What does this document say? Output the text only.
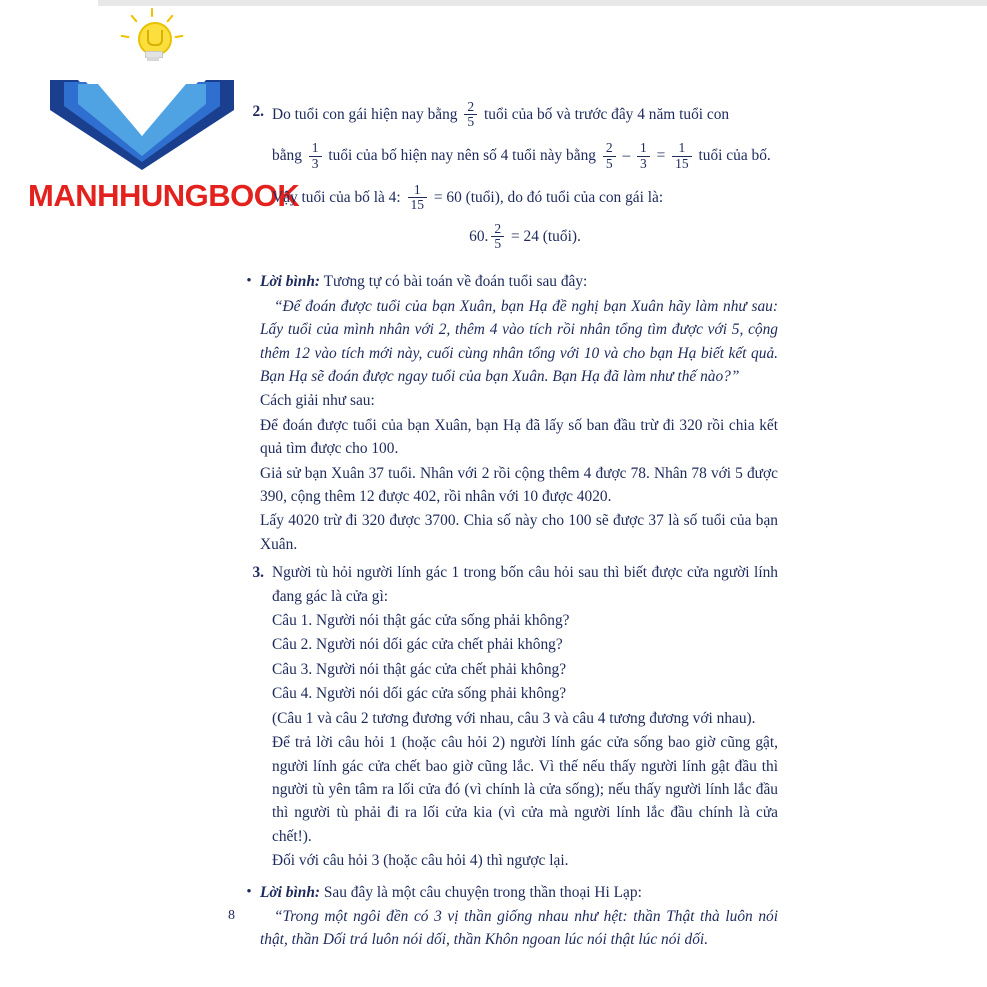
MANHHUNGBOOK
2. Do tuổi con gái hiện nay bằng $\frac{2}{5}$ tuổi của bố và trước đây 4 năm tuổi con

bằng $\frac{1}{3}$ tuổi của bố hiện nay nên số 4 tuổi này bằng $\frac{2}{5} - \frac{1}{3} = \frac{1}{15}$ tuổi của bố.

Vậy tuổi của bố là 4: $\frac{1}{15} = 60$ (tuổi), do đó tuổi của con gái là:

60. $\frac{2}{5} = 24$ (tuổi).

• Lời bình: Tương tự có bài toán về đoán tuổi sau đây:

“Để đoán được tuổi của bạn Xuân, bạn Hạ đề nghị bạn Xuân hãy làm như sau: Lấy tuổi của mình nhân với 2, thêm 4 vào tích rồi nhân tổng tìm được với 5, cộng thêm 12 vào tích mới này, cuối cùng nhân tổng với 10 và cho bạn Hạ biết kết quả. Bạn Hạ sẽ đoán được ngay tuổi của bạn Xuân. Bạn Hạ đã làm như thế nào?”

Cách giải như sau:

Để đoán được tuổi của bạn Xuân, bạn Hạ đã lấy số ban đầu trừ đi 320 rồi chia kết quả tìm được cho 100.

Giả sử bạn Xuân 37 tuổi. Nhân với 2 rồi cộng thêm 4 được 78. Nhân 78 với 5 được 390, cộng thêm 12 được 402, rồi nhân với 10 được 4020.

Lấy 4020 trừ đi 320 được 3700. Chia số này cho 100 sẽ được 37 là số tuổi của bạn Xuân.

3. Người tù hỏi người lính gác 1 trong bốn câu hỏi sau thì biết được cửa người lính đang gác là cửa gì:

Câu 1. Người nói thật gác cửa sống phải không?

Câu 2. Người nói dối gác cửa chết phải không?

Câu 3. Người nói thật gác cửa chết phải không?

Câu 4. Người nói dối gác cửa sống phải không?

(Câu 1 và câu 2 tương đương với nhau, câu 3 và câu 4 tương đương với nhau).

Để trả lời câu hỏi 1 (hoặc câu hỏi 2) người lính gác cửa sống bao giờ cũng gật, người lính gác cửa chết bao giờ cũng lắc. Vì thế nếu thấy người lính gật đầu thì người tù yên tâm ra lối cửa đó (vì chính là cửa sống); nếu thấy người lính lắc đầu thì người tù phải đi ra lối cửa kia (vì cửa mà người lính lắc đầu chính là cửa chết!).

Đối với câu hỏi 3 (hoặc câu hỏi 4) thì ngược lại.

• Lời bình: Sau đây là một câu chuyện trong thần thoại Hi Lạp:

“Trong một ngôi đền có 3 vị thần giống nhau như hệt: thần Thật thà luôn nói thật, thần Dối trá luôn nói dối, thần Khôn ngoan lúc nói thật lúc nói dối.

8
